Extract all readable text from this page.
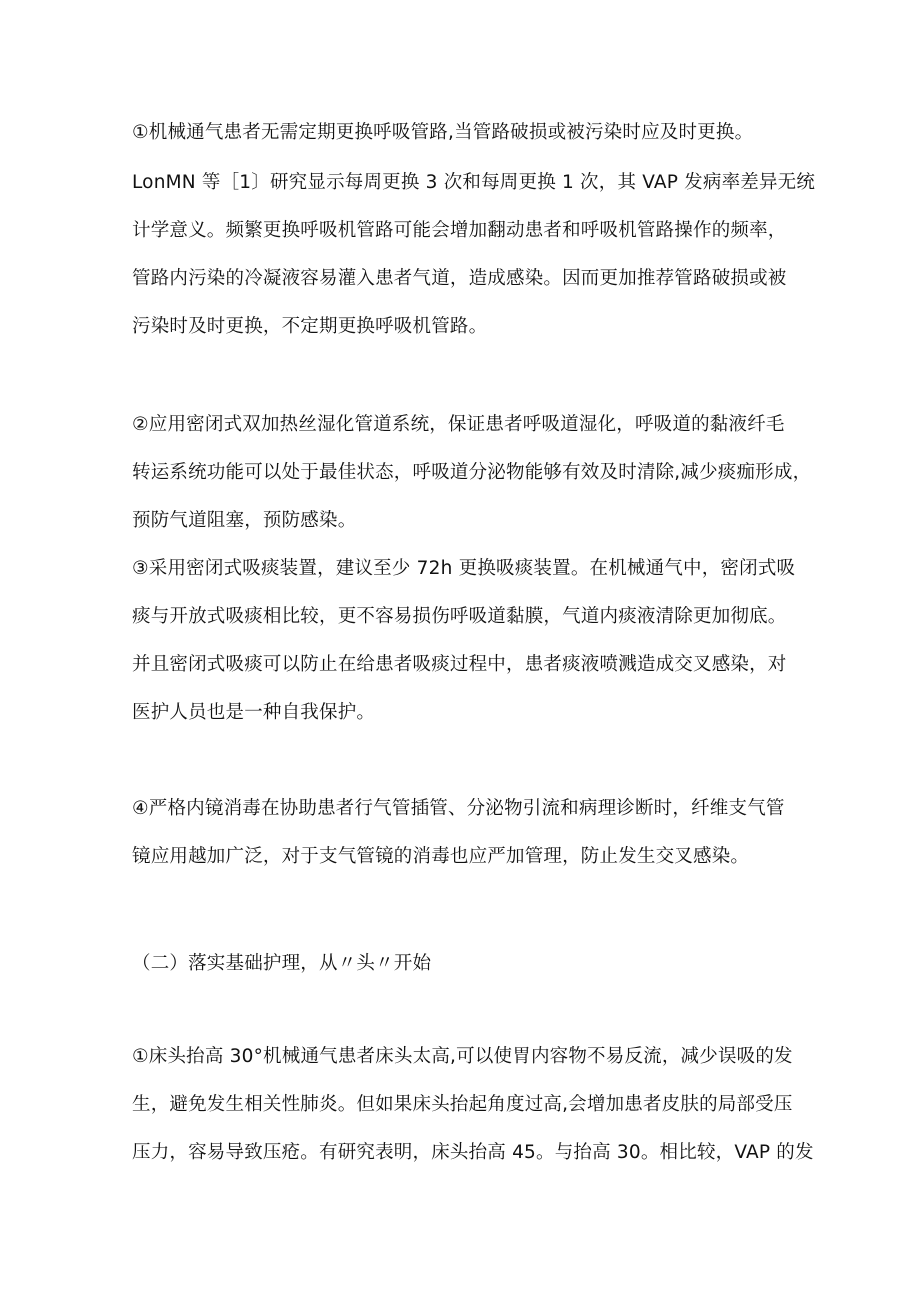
①机械通气患者无需定期更换呼吸管路,当管路破损或被污染时应及时更换。
LonMN 等［1〕研究显示每周更换 3 次和每周更换 1 次，其 VAP 发病率差异无统
计学意义。频繁更换呼吸机管路可能会增加翻动患者和呼吸机管路操作的频率，
管路内污染的冷凝液容易灌入患者气道，造成感染。因而更加推荐管路破损或被
污染时及时更换，不定期更换呼吸机管路。
②应用密闭式双加热丝湿化管道系统，保证患者呼吸道湿化，呼吸道的黏液纤毛
转运系统功能可以处于最佳状态，呼吸道分泌物能够有效及时清除,减少痰痂形成，
预防气道阻塞，预防感染。
③采用密闭式吸痰装置，建议至少 72h 更换吸痰装置。在机械通气中，密闭式吸
痰与开放式吸痰相比较，更不容易损伤呼吸道黏膜，气道内痰液清除更加彻底。
并且密闭式吸痰可以防止在给患者吸痰过程中，患者痰液喷溅造成交叉感染，对
医护人员也是一种自我保护。
④严格内镜消毒在协助患者行气管插管、分泌物引流和病理诊断时，纤维支气管
镜应用越加广泛，对于支气管镜的消毒也应严加管理，防止发生交叉感染。
（二）落实基础护理，从〃头〃开始
①床头抬高 30°机械通气患者床头太高,可以使胃内容物不易反流，减少误吸的发
生，避免发生相关性肺炎。但如果床头抬起角度过高,会增加患者皮肤的局部受压
压力，容易导致压疮。有研究表明，床头抬高 45。与抬高 30。相比较，VAP 的发
